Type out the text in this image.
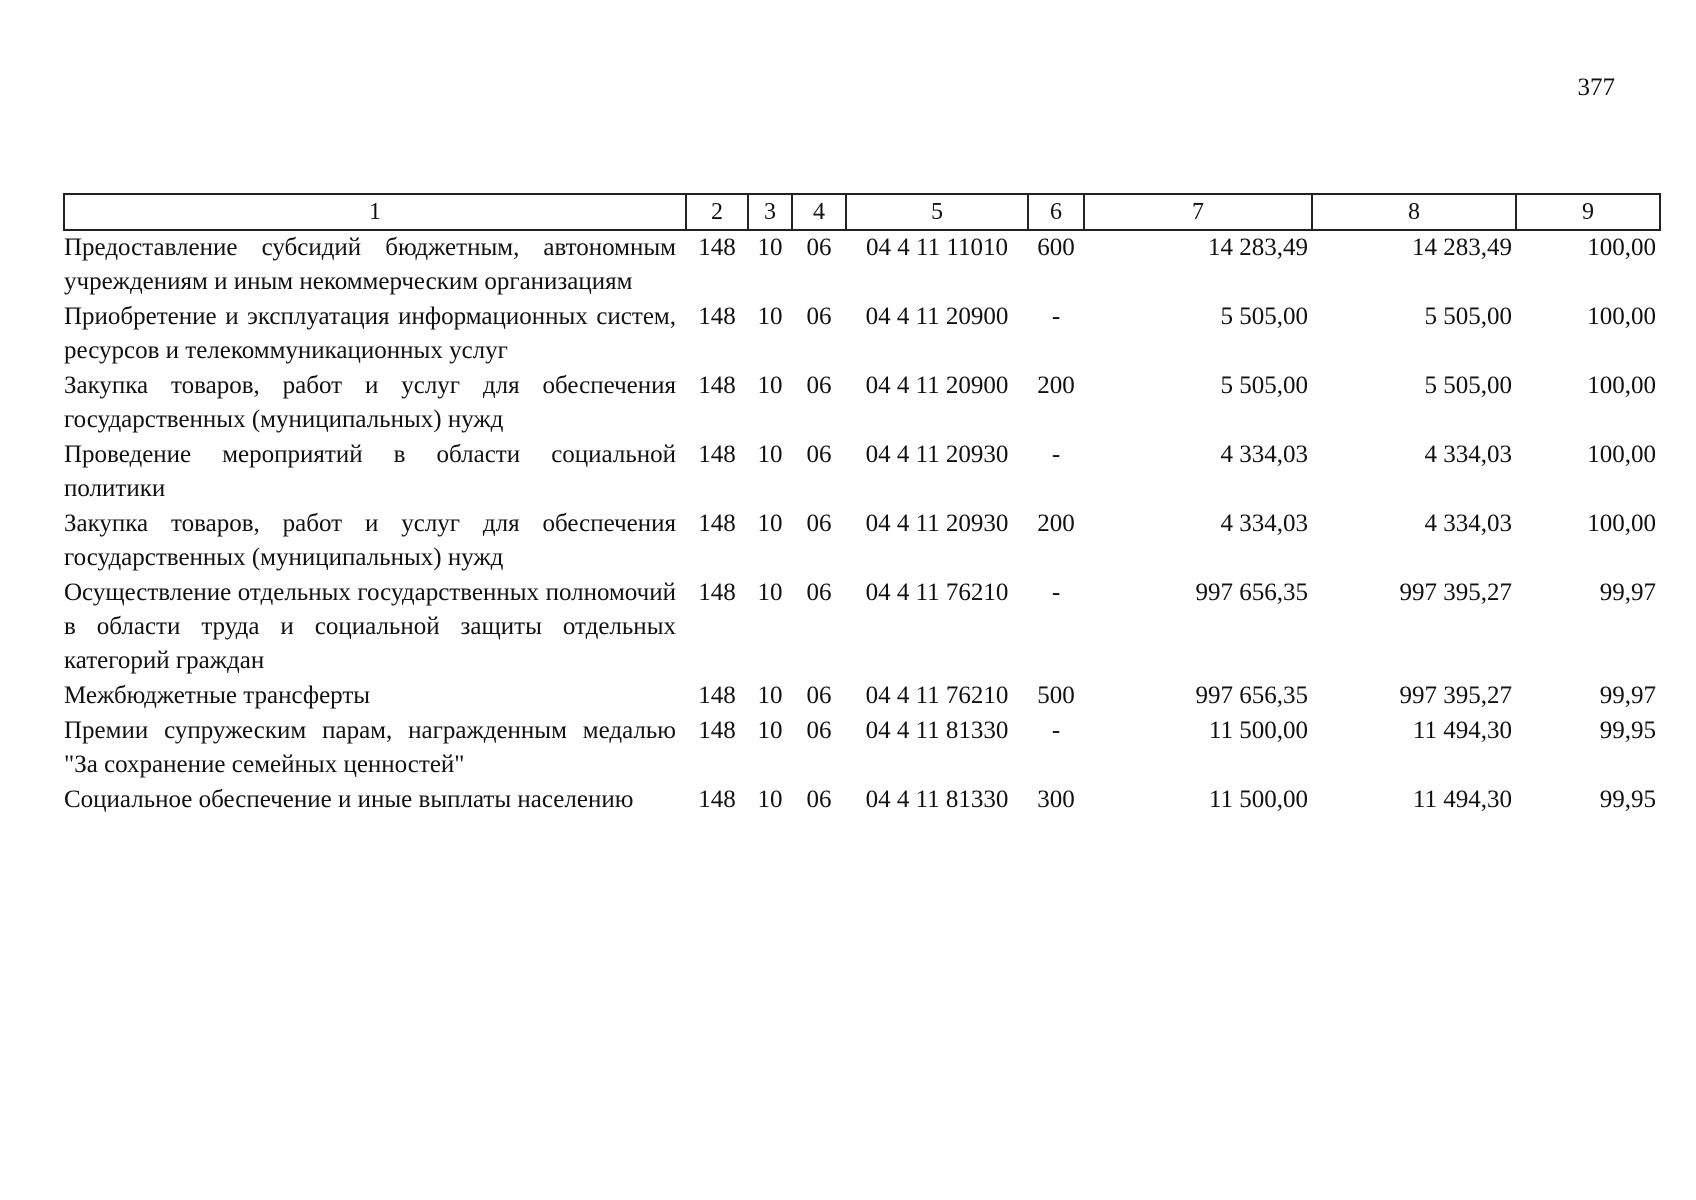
377
1	2	3	4	5	6	7	8	9
Предоставление субсидий бюджетным, автономным учреждениям и иным некоммерческим организациям	148	10	06	04 4 11 11010	600	14 283,49	14 283,49	100,00
Приобретение и эксплуатация информационных систем, ресурсов и телекоммуникационных услуг	148	10	06	04 4 11 20900	-	5 505,00	5 505,00	100,00
Закупка товаров, работ и услуг для обеспечения государственных (муниципальных) нужд	148	10	06	04 4 11 20900	200	5 505,00	5 505,00	100,00
Проведение мероприятий в области социальной политики	148	10	06	04 4 11 20930	-	4 334,03	4 334,03	100,00
Закупка товаров, работ и услуг для обеспечения государственных (муниципальных) нужд	148	10	06	04 4 11 20930	200	4 334,03	4 334,03	100,00
Осуществление отдельных государственных полномочий в области труда и социальной защиты отдельных категорий граждан	148	10	06	04 4 11 76210	-	997 656,35	997 395,27	99,97
Межбюджетные трансферты	148	10	06	04 4 11 76210	500	997 656,35	997 395,27	99,97
Премии супружеским парам, награжденным медалью "За сохранение семейных ценностей"	148	10	06	04 4 11 81330	-	11 500,00	11 494,30	99,95
Социальное обеспечение и иные выплаты населению	148	10	06	04 4 11 81330	300	11 500,00	11 494,30	99,95
